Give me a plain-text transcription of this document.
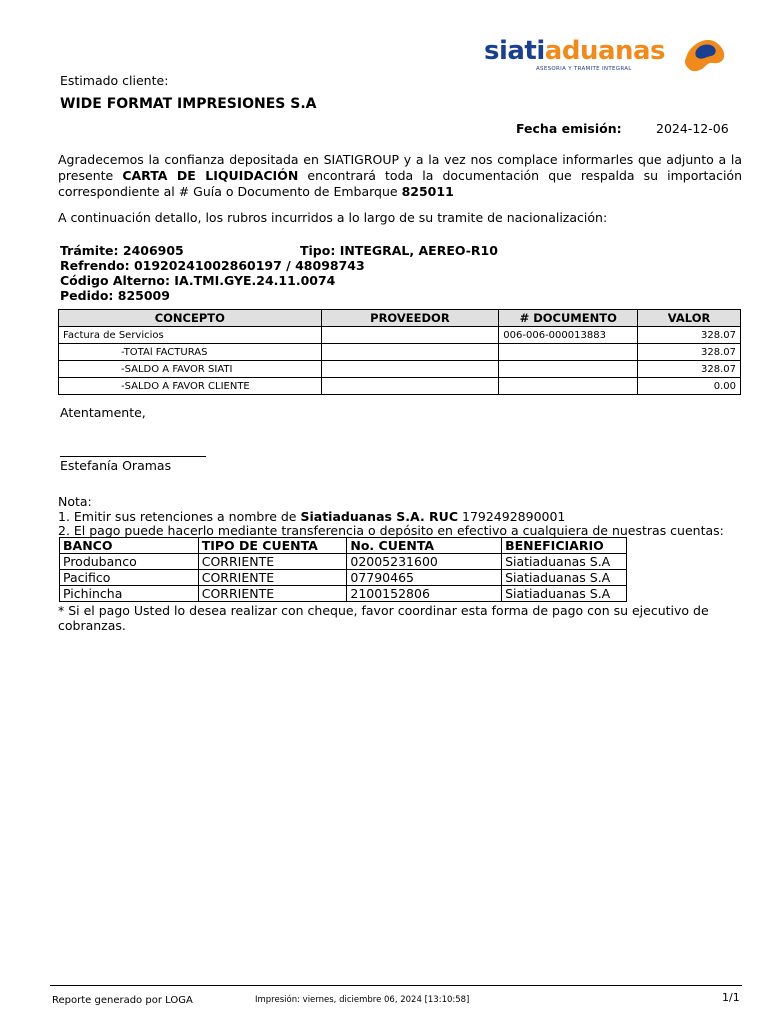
siatiaduanas
ASESORIA Y TRAMITE INTEGRAL
Estimado cliente:
WIDE FORMAT IMPRESIONES S.A
Fecha emisión:	2024-12-06
Agradecemos la confianza depositada en SIATIGROUP y a la vez nos complace informarles que adjunto a la presente CARTA DE LIQUIDACIÓN encontrará toda la documentación que respalda su importación correspondiente al # Guía o Documento de Embarque 825011
A continuación detallo, los rubros incurridos a lo largo de su tramite de nacionalización:
Trámite: 2406905	Tipo: INTEGRAL, AEREO-R10
Refrendo: 01920241002860197 / 48098743
Código Alterno: IA.TMI.GYE.24.11.0074
Pedido: 825009
CONCEPTO	PROVEEDOR	# DOCUMENTO	VALOR
Factura de Servicios		006-006-000013883	328.07
-TOTAl FACTURAS			328.07
-SALDO A FAVOR SIATI			328.07
-SALDO A FAVOR CLIENTE			0.00
Atentamente,
Estefanía Oramas
Nota:
1. Emitir sus retenciones a nombre de Siatiaduanas S.A. RUC 1792492890001
2. El pago puede hacerlo mediante transferencia o depósito en efectivo a cualquiera de nuestras cuentas:
BANCO	TIPO DE CUENTA	No. CUENTA	BENEFICIARIO
Produbanco	CORRIENTE	02005231600	Siatiaduanas S.A
Pacifico	CORRIENTE	07790465	Siatiaduanas S.A
Pichincha	CORRIENTE	2100152806	Siatiaduanas S.A
* Si el pago Usted lo desea realizar con cheque, favor coordinar esta forma de pago con su ejecutivo de cobranzas.
Reporte generado por LOGA	Impresión: viernes, diciembre 06, 2024 [13:10:58]	1/1
